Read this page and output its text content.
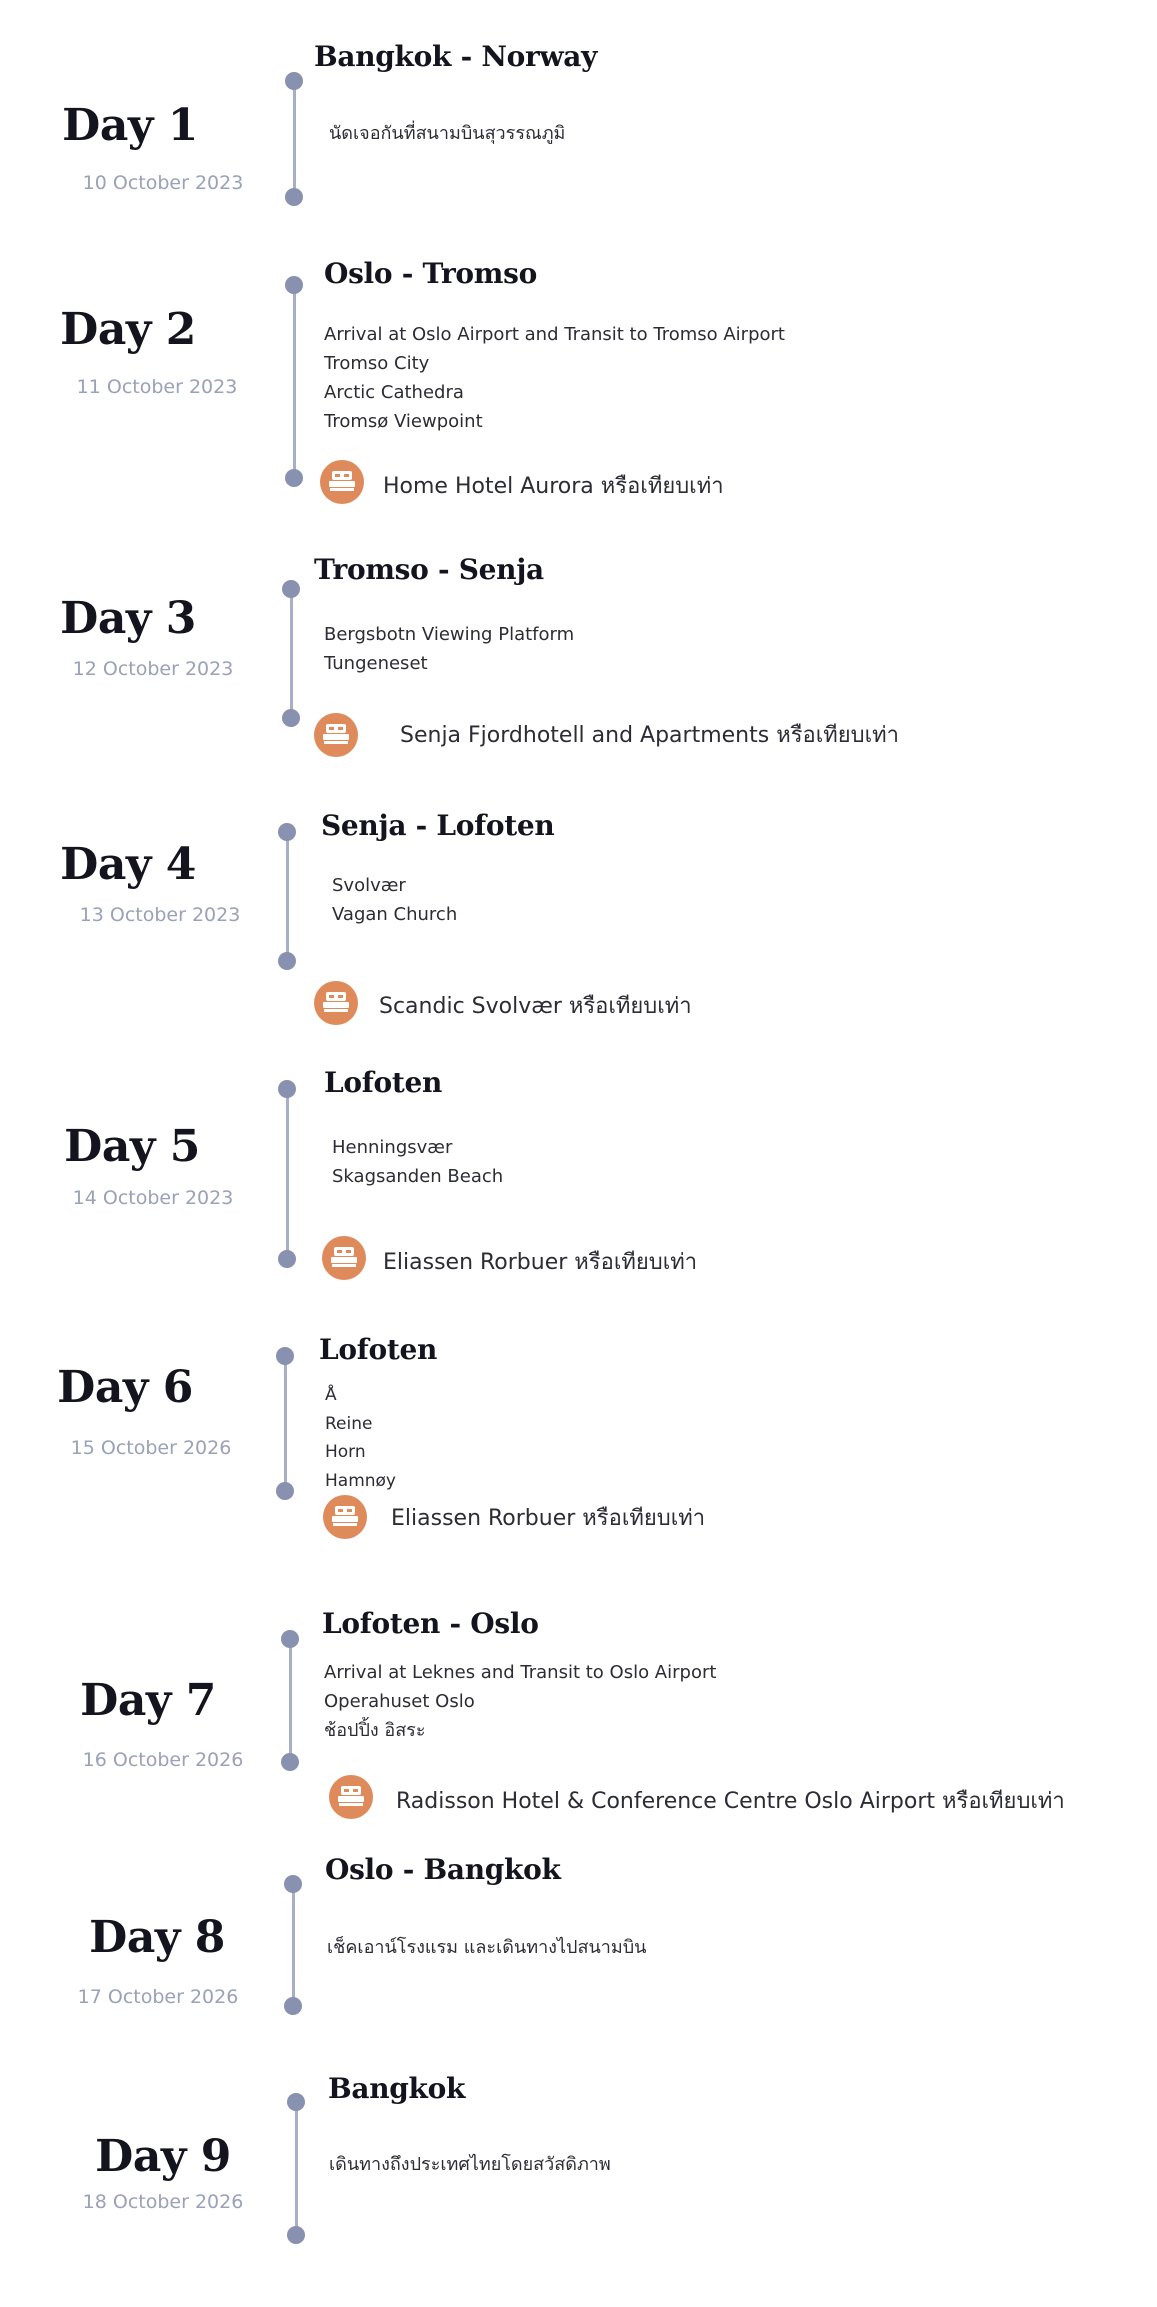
Day 1
10 October 2023
Bangkok - Norway
นัดเจอกันที่สนามบินสุวรรณภูมิ
Day 2
11 October 2023
Oslo - Tromso
Arrival at Oslo Airport and Transit to Tromso Airport
Tromso City
Arctic Cathedra
Tromsø Viewpoint
Home Hotel Aurora หรือเทียบเท่า
Day 3
12 October 2023
Tromso - Senja
Bergsbotn Viewing Platform
Tungeneset
Senja Fjordhotell and Apartments หรือเทียบเท่า
Day 4
13 October 2023
Senja - Lofoten
Svolvær
Vagan Church
Scandic Svolvær หรือเทียบเท่า
Day 5
14 October 2023
Lofoten
Henningsvær
Skagsanden Beach
Eliassen Rorbuer หรือเทียบเท่า
Day 6
15 October 2026
Lofoten
Å
Reine
Horn
Hamnøy
Eliassen Rorbuer หรือเทียบเท่า
Day 7
16 October 2026
Lofoten - Oslo
Arrival at Leknes and Transit to Oslo Airport
Operahuset Oslo
ช้อปปิ้ง อิสระ
Radisson Hotel & Conference Centre Oslo Airport หรือเทียบเท่า
Day 8
17 October 2026
Oslo - Bangkok
เช็คเอาน์โรงแรม และเดินทางไปสนามบิน
Day 9
18 October 2026
Bangkok
เดินทางถึงประเทศไทยโดยสวัสดิภาพ
